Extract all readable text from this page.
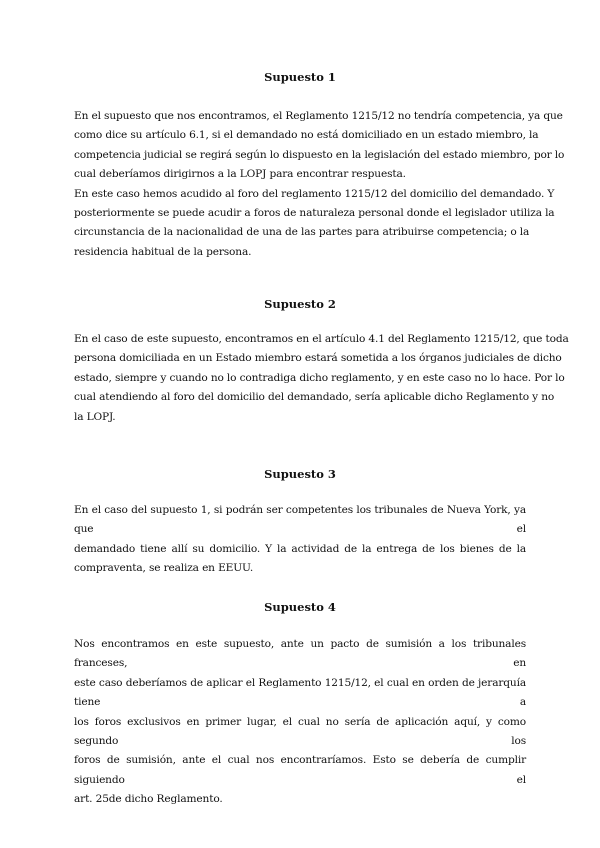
Supuesto 1

En el supuesto que nos encontramos, el Reglamento 1215/12 no tendría competencia, ya que
como dice su artículo 6.1, si el demandado no está domiciliado en un estado miembro, la
competencia judicial se regirá según lo dispuesto en la legislación del estado miembro, por lo
cual deberíamos dirigirnos a la LOPJ para encontrar respuesta.
En este caso hemos acudido al foro del reglamento 1215/12 del domicilio del demandado. Y
posteriormente se puede acudir a foros de naturaleza personal donde el legislador utiliza la
circunstancia de la nacionalidad de una de las partes para atribuirse competencia; o la
residencia habitual de la persona.

Supuesto 2

En el caso de este supuesto, encontramos en el artículo 4.1 del Reglamento 1215/12, que toda
persona domiciliada en un Estado miembro estará sometida a los órganos judiciales de dicho
estado, siempre y cuando no lo contradiga dicho reglamento, y en este caso no lo hace. Por lo
cual atendiendo al foro del domicilio del demandado, sería aplicable dicho Reglamento y no
la LOPJ.

Supuesto 3

En el caso del supuesto 1, si podrán ser competentes los tribunales de Nueva York, ya que el
demandado tiene allí su domicilio. Y la actividad de la entrega de los bienes de la
compraventa, se realiza en EEUU.

Supuesto 4

Nos encontramos en este supuesto, ante un pacto de sumisión a los tribunales franceses, en
este caso deberíamos de aplicar el Reglamento 1215/12, el cual en orden de jerarquía tiene a
los foros exclusivos en primer lugar, el cual no sería de aplicación aquí, y como segundo los
foros de sumisión, ante el cual nos encontraríamos. Esto se debería de cumplir siguiendo el
art. 25de dicho Reglamento.
